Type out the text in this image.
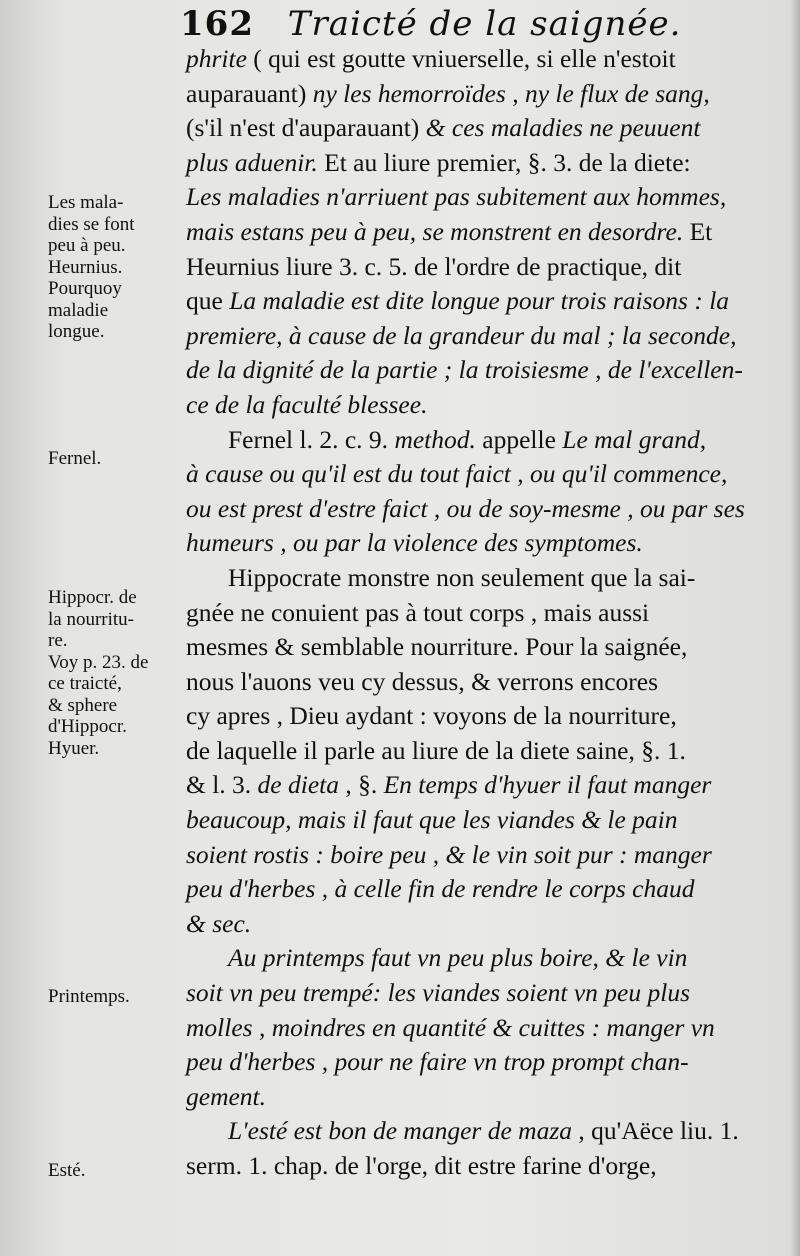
162 Traicté de la saignée.
Les mala-
dies se font
peu à peu.
Heurnius.
Pourquoy
maladie
longue.
Fernel.
Hippocr. de
la nourritu-
re.
Voy p. 23. de
ce traicté,
& sphere
d'Hippocr.
Hyuer.
Printemps.
Esté.
phrite ( qui est goutte vniuerselle, si elle n'estoit
auparauant) ny les hemorroïdes , ny le flux de sang,
(s'il n'est d'auparauant) & ces maladies ne peuuent
plus aduenir. Et au liure premier, §. 3. de la diete:
Les maladies n'arriuent pas subitement aux hommes,
mais estans peu à peu, se monstrent en desordre. Et
Heurnius liure 3. c. 5. de l'ordre de practique, dit
que La maladie est dite longue pour trois raisons : la
premiere, à cause de la grandeur du mal ; la seconde,
de la dignité de la partie ; la troisiesme , de l'excellen-
ce de la faculté blessee.
Fernel l. 2. c. 9. method. appelle Le mal grand,
à cause ou qu'il est du tout faict , ou qu'il commence,
ou est prest d'estre faict , ou de soy-mesme , ou par ses
humeurs , ou par la violence des symptomes.
Hippocrate monstre non seulement que la sai-
gnée ne conuient pas à tout corps , mais aussi
mesmes & semblable nourriture. Pour la saignée,
nous l'auons veu cy dessus, & verrons encores
cy apres , Dieu aydant : voyons de la nourriture,
de laquelle il parle au liure de la diete saine, §. 1.
& l. 3. de dieta , §. En temps d'hyuer il faut manger
beaucoup, mais il faut que les viandes & le pain
soient rostis : boire peu , & le vin soit pur : manger
peu d'herbes , à celle fin de rendre le corps chaud
& sec.
Au printemps faut vn peu plus boire, & le vin
soit vn peu trempé: les viandes soient vn peu plus
molles , moindres en quantité & cuittes : manger vn
peu d'herbes , pour ne faire vn trop prompt chan-
gement.
L'esté est bon de manger de maza , qu'Aëce liu. 1.
serm. 1. chap. de l'orge, dit estre farine d'orge,
